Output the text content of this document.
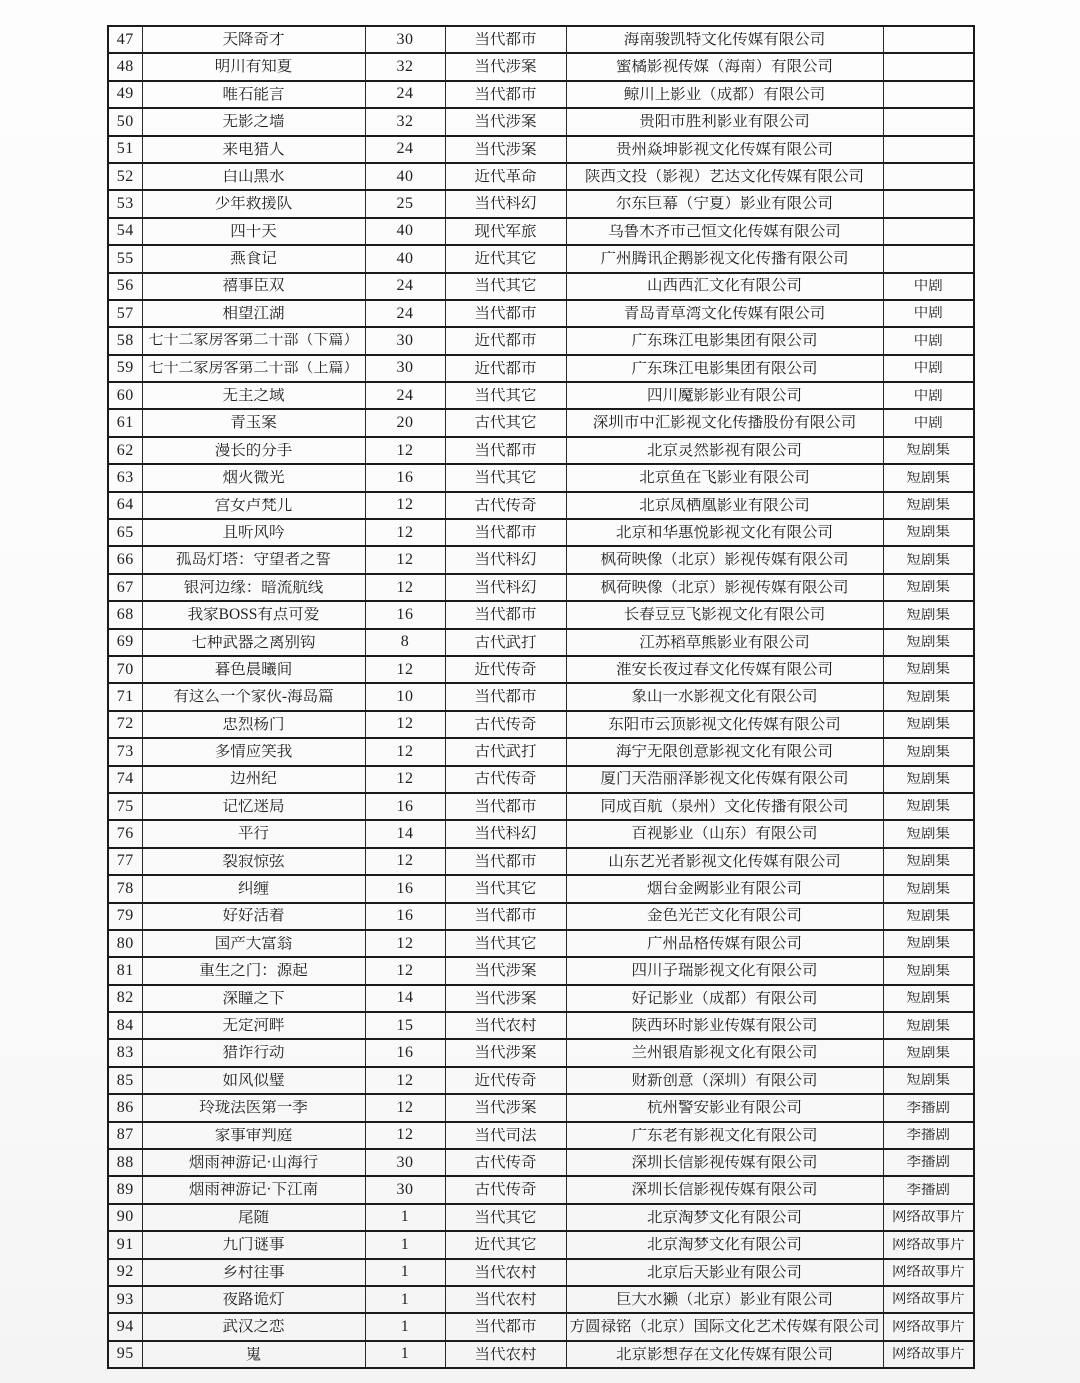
47	天降奇才	30	当代都市	海南骏凯特文化传媒有限公司	

48	明川有知夏	32	当代涉案	蜜橘影视传媒（海南）有限公司	

49	唯石能言	24	当代都市	鲸川上影业（成都）有限公司	

50	无影之墙	32	当代涉案	贵阳市胜利影业有限公司	

51	来电猎人	24	当代涉案	贵州焱坤影视文化传媒有限公司	

52	白山黑水	40	近代革命	陕西文投（影视）艺达文化传媒有限公司	

53	少年救援队	25	当代科幻	尔东巨幕（宁夏）影业有限公司	

54	四十天	40	现代军旅	乌鲁木齐市己恒文化传媒有限公司	

55	燕食记	40	近代其它	广州腾讯企鹅影视文化传播有限公司	

56	禧事臣双	24	当代其它	山西西汇文化有限公司	中剧

57	相望江湖	24	当代都市	青岛青草湾文化传媒有限公司	中剧

58	七十二家房客第二十部（下篇）	30	近代都市	广东珠江电影集团有限公司	中剧

59	七十二家房客第二十部（上篇）	30	近代都市	广东珠江电影集团有限公司	中剧

60	无主之域	24	当代其它	四川魔影影业有限公司	中剧

61	青玉案	20	古代其它	深圳市中汇影视文化传播股份有限公司	中剧

62	漫长的分手	12	当代都市	北京灵然影视有限公司	短剧集

63	烟火微光	16	当代其它	北京鱼在飞影业有限公司	短剧集

64	宫女卢梵儿	12	古代传奇	北京凤栖凰影业有限公司	短剧集

65	且听风吟	12	当代都市	北京和华惠悦影视文化有限公司	短剧集

66	孤岛灯塔：守望者之誓	12	当代科幻	枫荷映像（北京）影视传媒有限公司	短剧集

67	银河边缘：暗流航线	12	当代科幻	枫荷映像（北京）影视传媒有限公司	短剧集

68	我家BOSS有点可爱	16	当代都市	长春豆豆飞影视文化有限公司	短剧集

69	七种武器之离别钩	8	古代武打	江苏稻草熊影业有限公司	短剧集

70	暮色晨曦间	12	近代传奇	淮安长夜过春文化传媒有限公司	短剧集

71	有这么一个家伙-海岛篇	10	当代都市	象山一水影视文化有限公司	短剧集

72	忠烈杨门	12	古代传奇	东阳市云顶影视文化传媒有限公司	短剧集

73	多情应笑我	12	古代武打	海宁无限创意影视文化有限公司	短剧集

74	边州纪	12	古代传奇	厦门天浩丽泽影视文化传媒有限公司	短剧集

75	记忆迷局	16	当代都市	同成百航（泉州）文化传播有限公司	短剧集

76	平行	14	当代科幻	百视影业（山东）有限公司	短剧集

77	裂寂惊弦	12	当代都市	山东艺光者影视文化传媒有限公司	短剧集

78	纠缠	16	当代其它	烟台金阙影业有限公司	短剧集

79	好好活着	16	当代都市	金色光芒文化有限公司	短剧集

80	国产大富翁	12	当代其它	广州品格传媒有限公司	短剧集

81	重生之门：源起	12	当代涉案	四川子瑞影视文化有限公司	短剧集

82	深瞳之下	14	当代涉案	好记影业（成都）有限公司	短剧集

84	无定河畔	15	当代农村	陕西环时影业传媒有限公司	短剧集

83	猎诈行动	16	当代涉案	兰州银盾影视文化有限公司	短剧集

85	如风似璧	12	近代传奇	财新创意（深圳）有限公司	短剧集

86	玲珑法医第一季	12	当代涉案	杭州警安影业有限公司	季播剧

87	家事审判庭	12	当代司法	广东老有影视文化有限公司	季播剧

88	烟雨神游记·山海行	30	古代传奇	深圳长信影视传媒有限公司	季播剧

89	烟雨神游记·下江南	30	古代传奇	深圳长信影视传媒有限公司	季播剧

90	尾随	1	当代其它	北京淘梦文化有限公司	网络故事片

91	九门谜事	1	近代其它	北京淘梦文化有限公司	网络故事片

92	乡村往事	1	当代农村	北京后天影业有限公司	网络故事片

93	夜路诡灯	1	当代农村	巨大水獭（北京）影业有限公司	网络故事片

94	武汉之恋	1	当代都市	方圆禄铭（北京）国际文化艺术传媒有限公司	网络故事片

95	嵬	1	当代农村	北京影想存在文化传媒有限公司	网络故事片
